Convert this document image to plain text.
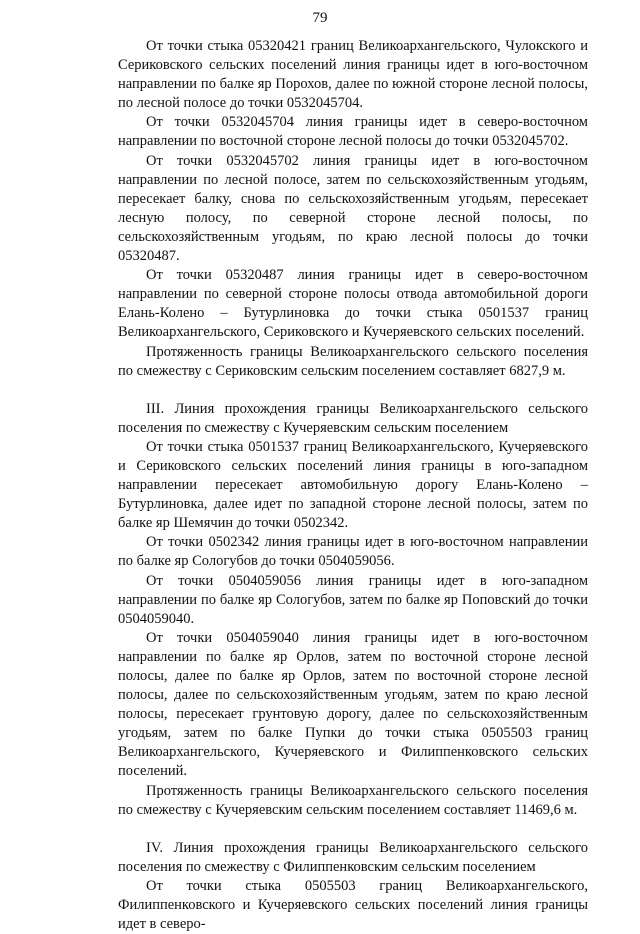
79

От точки стыка 05320421 границ Великоархангельского, Чулокского и Сериковского сельских поселений линия границы идет в юго-восточном направлении по балке яр Порохов, далее по южной стороне лесной полосы, по лесной полосе до точки 0532045704.

От точки 0532045704 линия границы идет в северо-восточном направлении по восточной стороне лесной полосы до точки 0532045702.

От точки 0532045702 линия границы идет в юго-восточном направлении по лесной полосе, затем по сельскохозяйственным угодьям, пересекает балку, снова по сельскохозяйственным угодьям, пересекает лесную полосу, по северной стороне лесной полосы, по сельскохозяйственным угодьям, по краю лесной полосы до точки 05320487.

От точки 05320487 линия границы идет в северо-восточном направлении по северной стороне полосы отвода автомобильной дороги Елань-Колено – Бутурлиновка до точки стыка 0501537 границ Великоархангельского, Сериковского и Кучеряевского сельских поселений.

Протяженность границы Великоархангельского сельского поселения по смежеству с Сериковским сельским поселением составляет 6827,9 м.

III. Линия прохождения границы Великоархангельского сельского поселения по смежеству с Кучеряевским сельским поселением

От точки стыка 0501537 границ Великоархангельского, Кучеряевского и Сериковского сельских поселений линия границы в юго-западном направлении пересекает автомобильную дорогу Елань-Колено – Бутурлиновка, далее идет по западной стороне лесной полосы, затем по балке яр Шемячин до точки 0502342.

От точки 0502342 линия границы идет в юго-восточном направлении по балке яр Сологубов до точки 0504059056.

От точки 0504059056 линия границы идет в юго-западном направлении по балке яр Сологубов, затем по балке яр Поповский до точки 0504059040.

От точки 0504059040 линия границы идет в юго-восточном направлении по балке яр Орлов, затем по восточной стороне лесной полосы, далее по балке яр Орлов, затем по восточной стороне лесной полосы, далее по сельскохозяйственным угодьям, затем по краю лесной полосы, пересекает грунтовую дорогу, далее по сельскохозяйственным угодьям, затем по балке Пупки до точки стыка 0505503 границ Великоархангельского, Кучеряевского и Филиппенковского сельских поселений.

Протяженность границы Великоархангельского сельского поселения по смежеству с Кучеряевским сельским поселением составляет 11469,6 м.

IV. Линия прохождения границы Великоархангельского сельского поселения по смежеству с Филиппенковским сельским поселением

От точки стыка 0505503 границ Великоархангельского, Филиппенковского и Кучеряевского сельских поселений линия границы идет в северо-
